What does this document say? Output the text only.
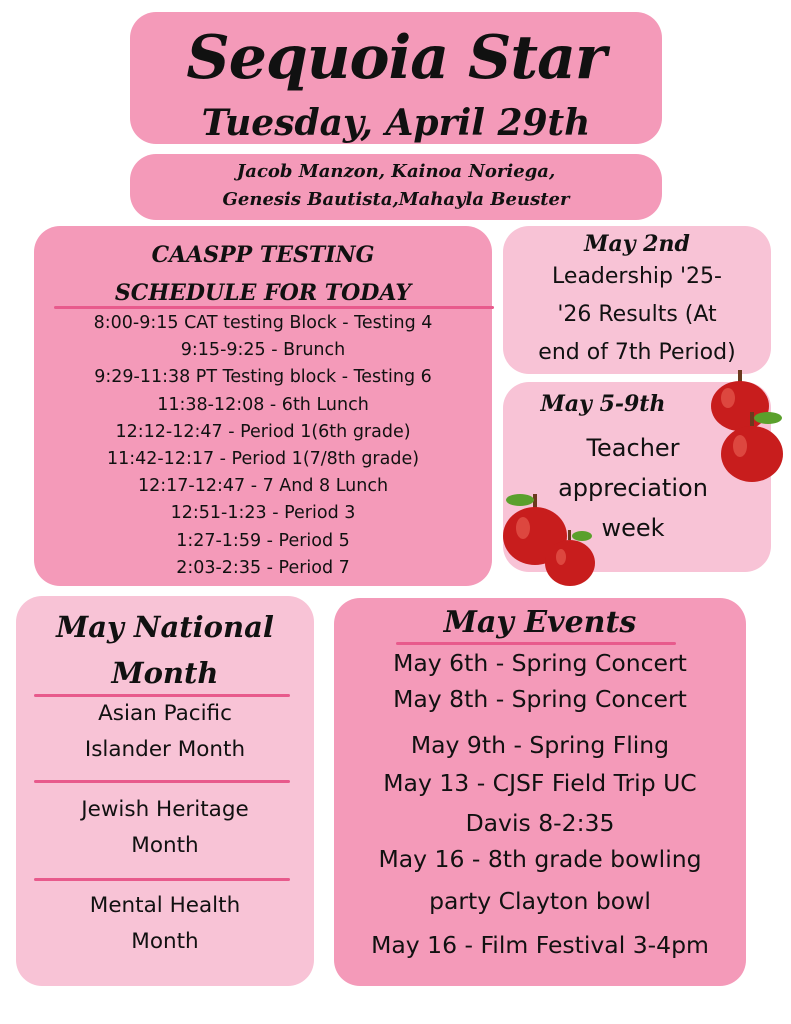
Sequoia Star
Tuesday, April 29th
Jacob Manzon, Kainoa Noriega,
Genesis Bautista,Mahayla Beuster
CAASPP TESTING
SCHEDULE FOR TODAY
8:00-9:15 CAT testing Block - Testing 4
9:15-9:25 - Brunch
9:29-11:38 PT Testing block - Testing 6
11:38-12:08 - 6th Lunch
12:12-12:47 - Period 1(6th grade)
11:42-12:17 - Period 1(7/8th grade)
12:17-12:47 - 7 And 8 Lunch
12:51-1:23 - Period 3
1:27-1:59 - Period 5
2:03-2:35 - Period 7
May 2nd
Leadership '25-
'26 Results (At
end of 7th Period)
May 5-9th
Teacher
appreciation
week
May National
Month
Asian Pacific
Islander Month
Jewish Heritage
Month
Mental Health
Month
May Events
May 6th - Spring Concert
May 8th - Spring Concert
May 9th - Spring Fling
May 13 - CJSF Field Trip UC
Davis 8-2:35
May 16 - 8th grade bowling
party Clayton bowl
May 16 - Film Festival 3-4pm
